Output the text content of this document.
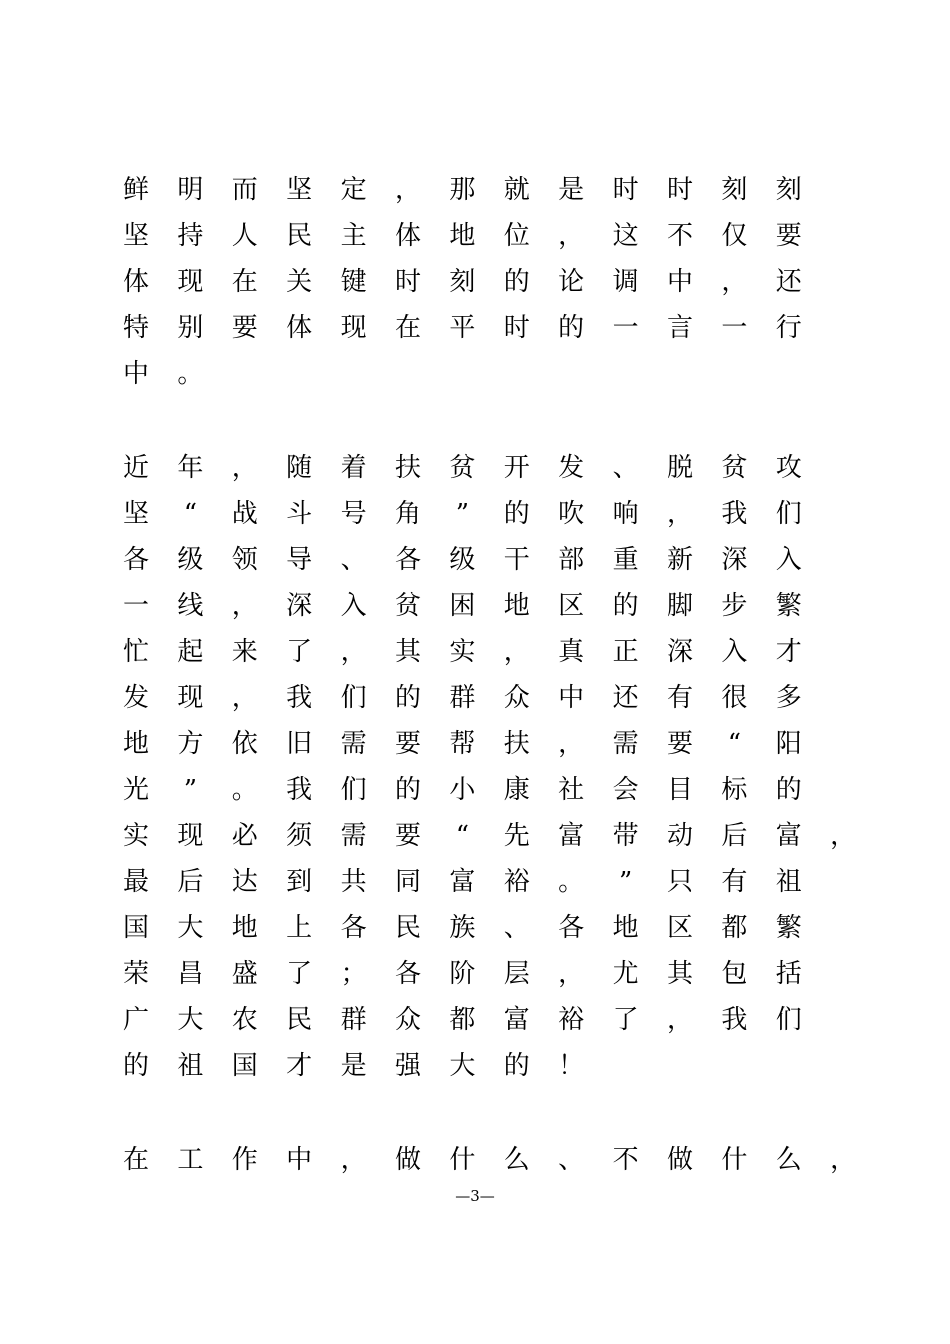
鲜 明 而 坚 定 ， 那 就 是 时 时 刻 刻
坚 持 人 民 主 体 地 位 ， 这 不 仅 要
体 现 在 关 键 时 刻 的 论 调 中 ， 还
特 别 要 体 现 在 平 时 的 一 言 一 行
中 。
近 年 ， 随 着 扶 贫 开 发 、 脱 贫 攻
坚	“	战 斗 号 角	”	的 吹 响 ， 我 们
各 级 领 导 、 各 级 干 部 重 新 深 入
一 线 ， 深 入 贫 困 地 区 的 脚 步 繁
忙 起 来 了 ， 其 实 ， 真 正 深 入 才
发 现 ， 我 们 的 群 众 中 还 有 很 多
地 方 依 旧 需 要 帮 扶 ， 需 要	“	阳
光	”	。 我 们 的 小 康 社 会 目 标 的
实 现 必 须 需 要	“	先 富 带 动 后 富 ，
最 后 达 到 共 同 富 裕 。	”	只 有 祖
国 大 地 上 各 民 族 、 各 地 区 都 繁
荣 昌 盛 了 ； 各 阶 层 ， 尤 其 包 括
广 大 农 民 群 众 都 富 裕 了 ， 我 们
的 祖 国 才 是 强 大 的 ！
在 工 作 中 ， 做 什 么 、 不 做 什 么 ，
—3—
